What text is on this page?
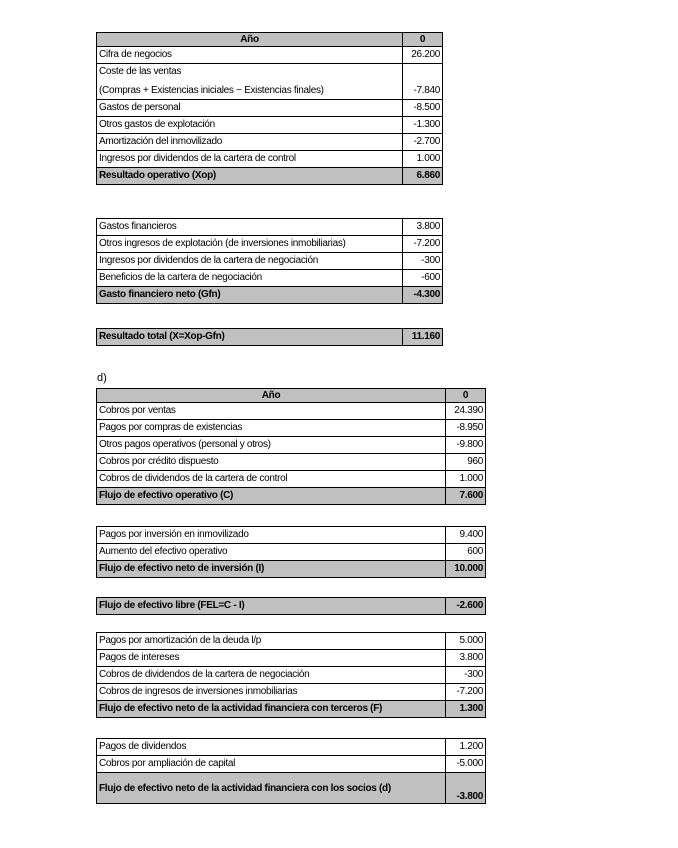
Año	0
Cifra de negocios	26.200

Coste de las ventas
(Compras + Existencias iniciales − Existencias finales)	-7.840
Gastos de personal	-8.500
Otros gastos de explotación	-1.300
Amortización del inmovilizado	-2.700
Ingresos por dividendos de la cartera de control	1.000
Resultado operativo (Xop)	6.860
Gastos financieros	3.800
Otros ingresos de explotación (de inversiones inmobiliarias)	-7.200
Ingresos por dividendos de la cartera de negociación	-300
Beneficios de la cartera de negociación	-600
Gasto financiero neto (Gfn)	-4.300
Resultado total (X=Xop-Gfn)	11.160
d)
Año	0
Cobros por ventas	24.390
Pagos por compras de existencias	-8.950
Otros pagos operativos (personal y otros)	-9.800
Cobros por crédito dispuesto	960
Cobros de dividendos de la cartera de control	1.000
Flujo de efectivo operativo (C)	7.600
Pagos por inversión en inmovilizado	9.400
Aumento del efectivo operativo	600
Flujo de efectivo neto de inversión (I)	10.000
Flujo de efectivo libre (FEL=C - I)	-2.600
Pagos por amortización de la deuda l/p	5.000
Pagos de intereses	3.800
Cobros de dividendos de la cartera de negociación	-300
Cobros de ingresos de inversiones inmobiliarias	-7.200
Flujo de efectivo neto de la actividad financiera con terceros (F)	1.300
Pagos de dividendos	1.200
Cobros por ampliación de capital	-5.000
Flujo de efectivo neto de la actividad financiera con los socios (d)	-3.800
